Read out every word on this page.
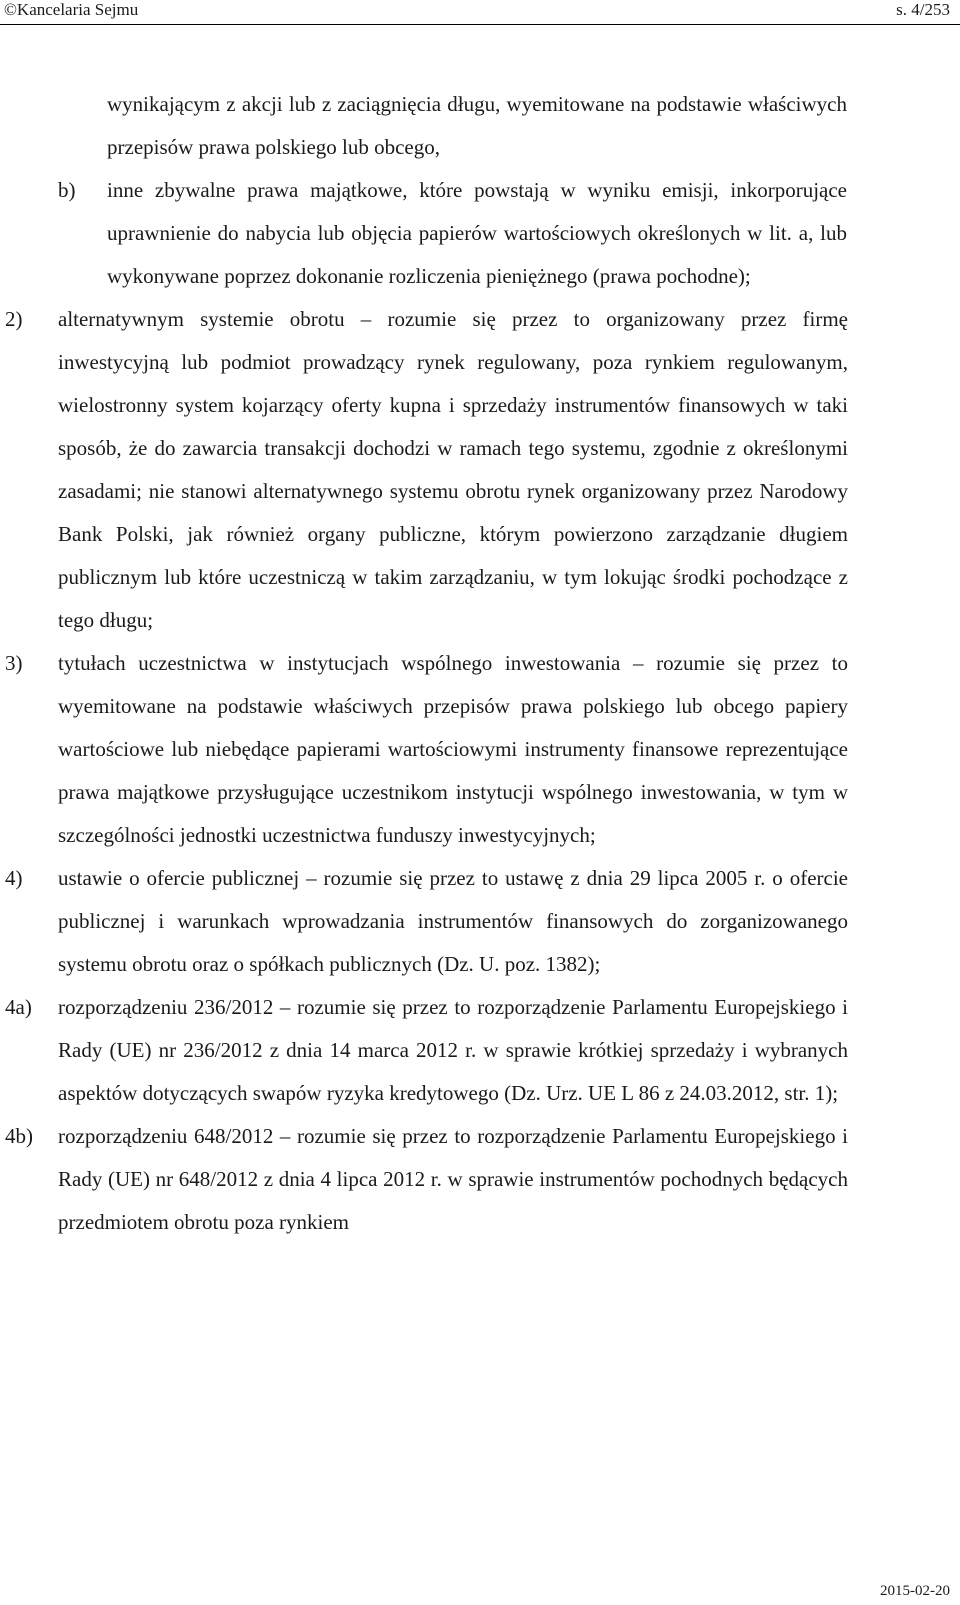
©Kancelaria Sejmu	s. 4/253
wynikającym z akcji lub z zaciągnięcia długu, wyemitowane na podstawie właściwych przepisów prawa polskiego lub obcego,
b) inne zbywalne prawa majątkowe, które powstają w wyniku emisji, inkorporujące uprawnienie do nabycia lub objęcia papierów wartościowych określonych w lit. a, lub wykonywane poprzez dokonanie rozliczenia pieniężnego (prawa pochodne);
2) alternatywnym systemie obrotu – rozumie się przez to organizowany przez firmę inwestycyjną lub podmiot prowadzący rynek regulowany, poza rynkiem regulowanym, wielostronny system kojarzący oferty kupna i sprzedaży instrumentów finansowych w taki sposób, że do zawarcia transakcji dochodzi w ramach tego systemu, zgodnie z określonymi zasadami; nie stanowi alternatywnego systemu obrotu rynek organizowany przez Narodowy Bank Polski, jak również organy publiczne, którym powierzono zarządzanie długiem publicznym lub które uczestniczą w takim zarządzaniu, w tym lokując środki pochodzące z tego długu;
3) tytułach uczestnictwa w instytucjach wspólnego inwestowania – rozumie się przez to wyemitowane na podstawie właściwych przepisów prawa polskiego lub obcego papiery wartościowe lub niebędące papierami wartościowymi instrumenty finansowe reprezentujące prawa majątkowe przysługujące uczestnikom instytucji wspólnego inwestowania, w tym w szczególności jednostki uczestnictwa funduszy inwestycyjnych;
4) ustawie o ofercie publicznej – rozumie się przez to ustawę z dnia 29 lipca 2005 r. o ofercie publicznej i warunkach wprowadzania instrumentów finansowych do zorganizowanego systemu obrotu oraz o spółkach publicznych (Dz. U. poz. 1382);
4a) rozporządzeniu 236/2012 – rozumie się przez to rozporządzenie Parlamentu Europejskiego i Rady (UE) nr 236/2012 z dnia 14 marca 2012 r. w sprawie krótkiej sprzedaży i wybranych aspektów dotyczących swapów ryzyka kredytowego (Dz. Urz. UE L 86 z 24.03.2012, str. 1);
4b) rozporządzeniu 648/2012 – rozumie się przez to rozporządzenie Parlamentu Europejskiego i Rady (UE) nr 648/2012 z dnia 4 lipca 2012 r. w sprawie instrumentów pochodnych będących przedmiotem obrotu poza rynkiem
2015-02-20
